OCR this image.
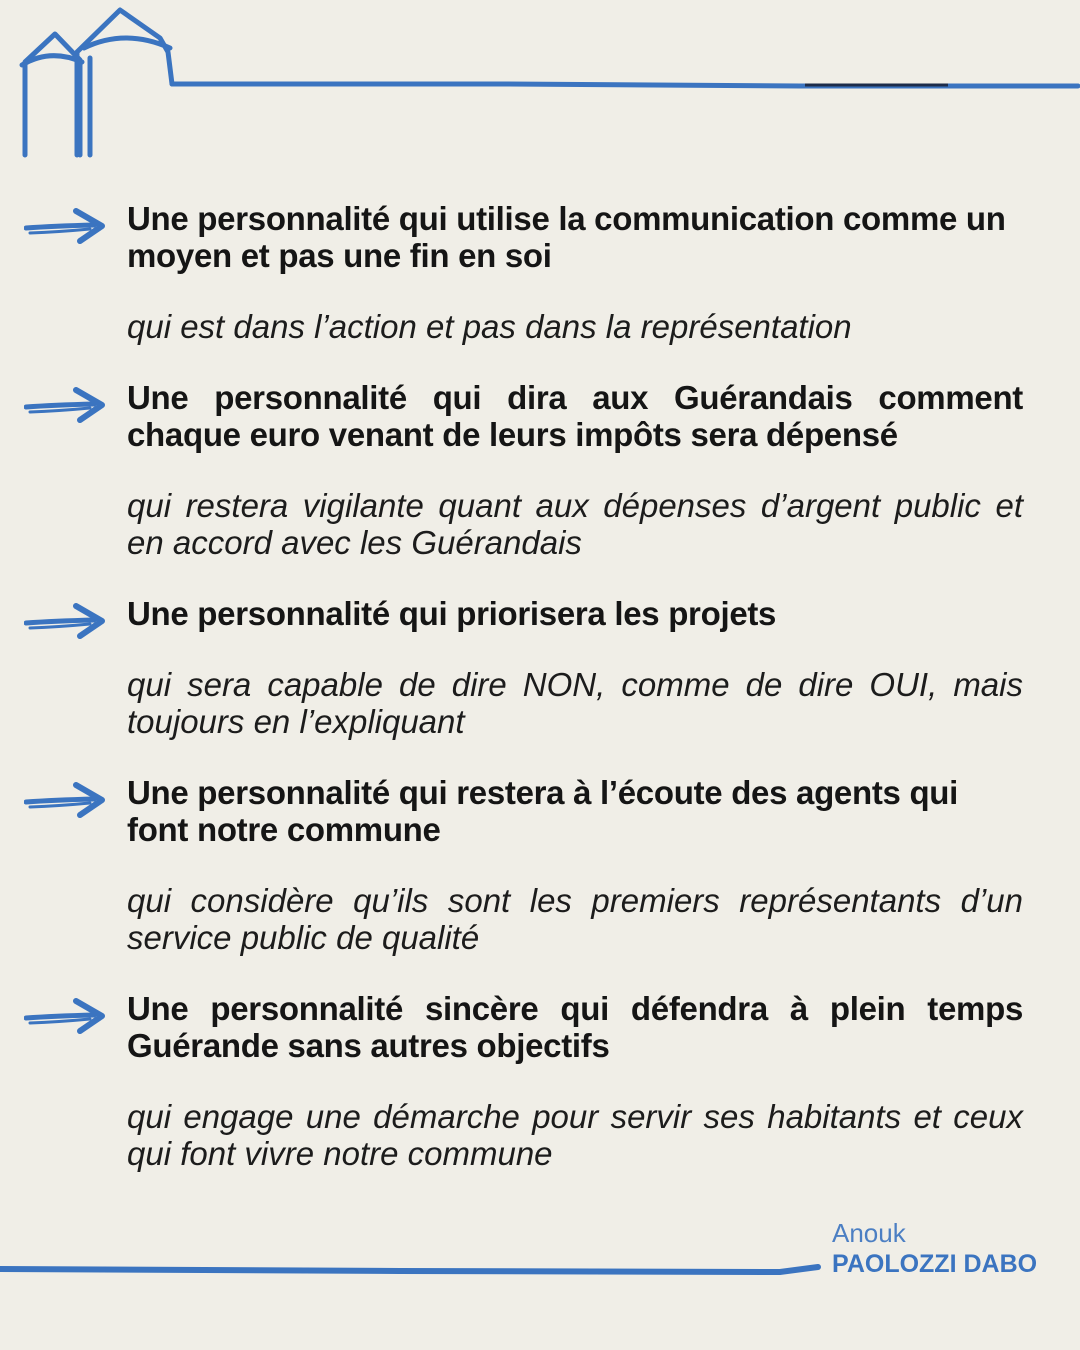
Une personnalité qui utilise la communication comme un moyen et pas une fin en soi

qui est dans l’action et pas dans la représentation

Une personnalité qui dira aux Guérandais comment chaque euro venant de leurs impôts sera dépensé

qui restera vigilante quant aux dépenses d’argent public et en accord avec les Guérandais

Une personnalité qui priorisera les projets

qui sera capable de dire NON, comme de dire OUI, mais toujours en l’expliquant

Une personnalité qui restera à l’écoute des agents qui font notre commune

qui considère qu’ils sont les premiers représentants d’un service public de qualité

Une personnalité sincère qui défendra à plein temps Guérande sans autres objectifs

qui engage une démarche pour servir ses habitants et ceux qui font vivre notre commune

Anouk
PAOLOZZI DABO
